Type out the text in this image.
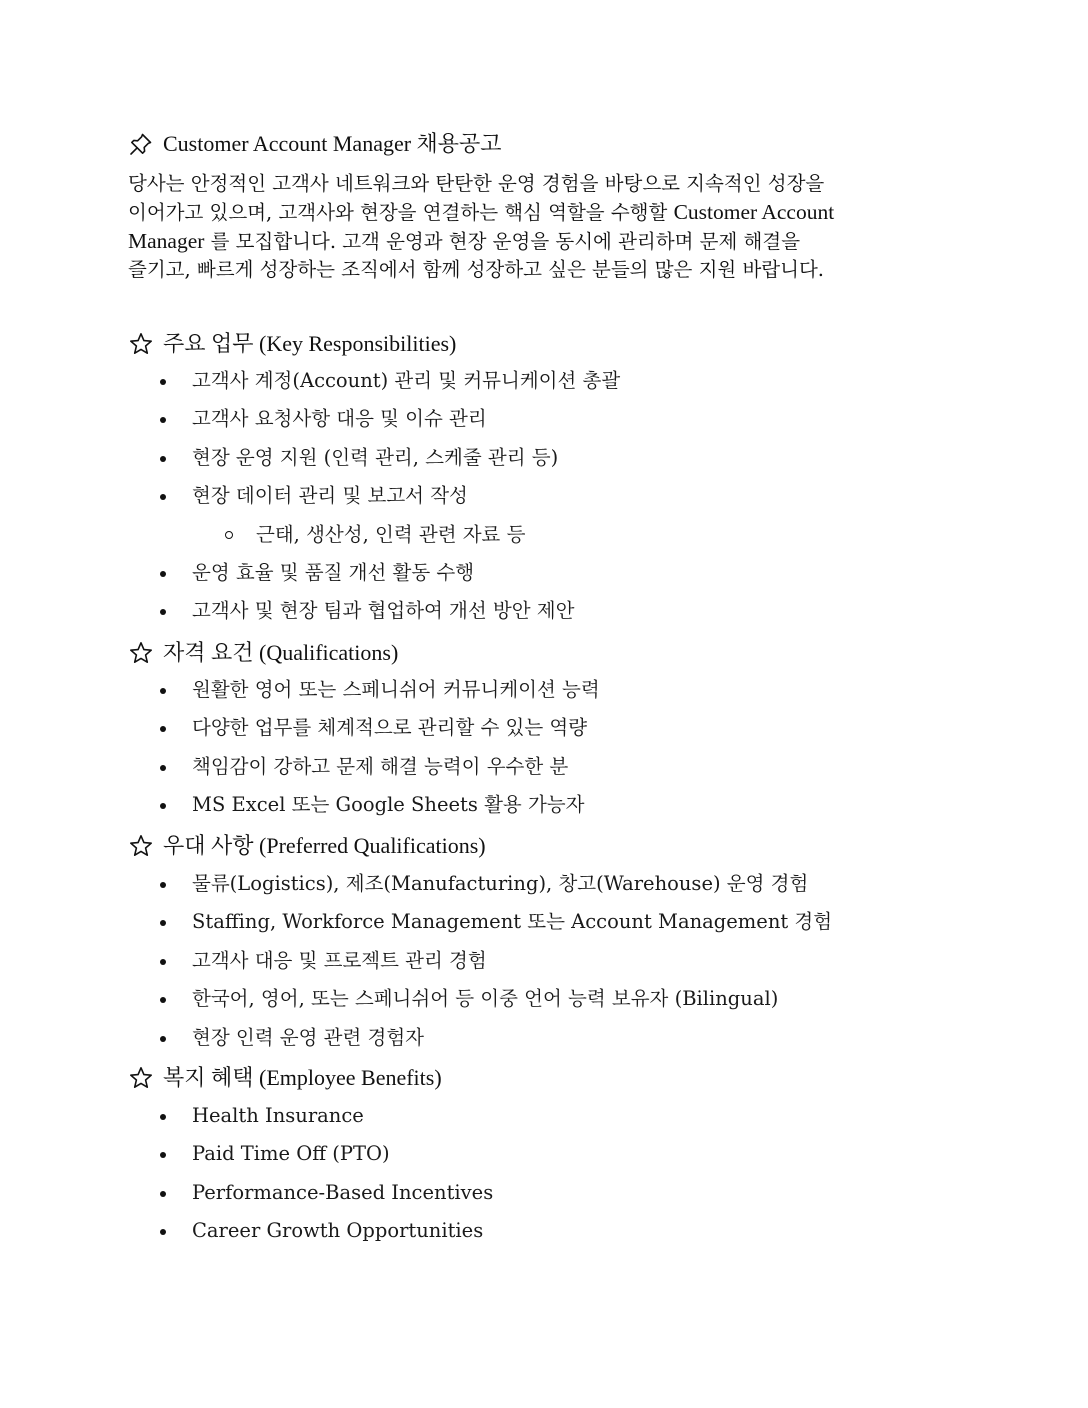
Customer Account Manager 채용공고

당사는 안정적인 고객사 네트워크와 탄탄한 운영 경험을 바탕으로 지속적인 성장을
이어가고 있으며, 고객사와 현장을 연결하는 핵심 역할을 수행할 Customer Account
Manager 를 모집합니다. 고객 운영과 현장 운영을 동시에 관리하며 문제 해결을
즐기고, 빠르게 성장하는 조직에서 함께 성장하고 싶은 분들의 많은 지원 바랍니다.

주요 업무 (Key Responsibilities)
고객사 계정(Account) 관리 및 커뮤니케이션 총괄
고객사 요청사항 대응 및 이슈 관리
현장 운영 지원 (인력 관리, 스케줄 관리 등)
현장 데이터 관리 및 보고서 작성
근태, 생산성, 인력 관련 자료 등
운영 효율 및 품질 개선 활동 수행
고객사 및 현장 팀과 협업하여 개선 방안 제안
자격 요건 (Qualifications)
원활한 영어 또는 스페니쉬어 커뮤니케이션 능력
다양한 업무를 체계적으로 관리할 수 있는 역량
책임감이 강하고 문제 해결 능력이 우수한 분
MS Excel 또는 Google Sheets 활용 가능자
우대 사항 (Preferred Qualifications)
물류(Logistics), 제조(Manufacturing), 창고(Warehouse) 운영 경험
Staffing, Workforce Management 또는 Account Management 경험
고객사 대응 및 프로젝트 관리 경험
한국어, 영어, 또는 스페니쉬어 등 이중 언어 능력 보유자 (Bilingual)
현장 인력 운영 관련 경험자
복지 혜택 (Employee Benefits)
Health Insurance
Paid Time Off (PTO)
Performance-Based Incentives
Career Growth Opportunities
